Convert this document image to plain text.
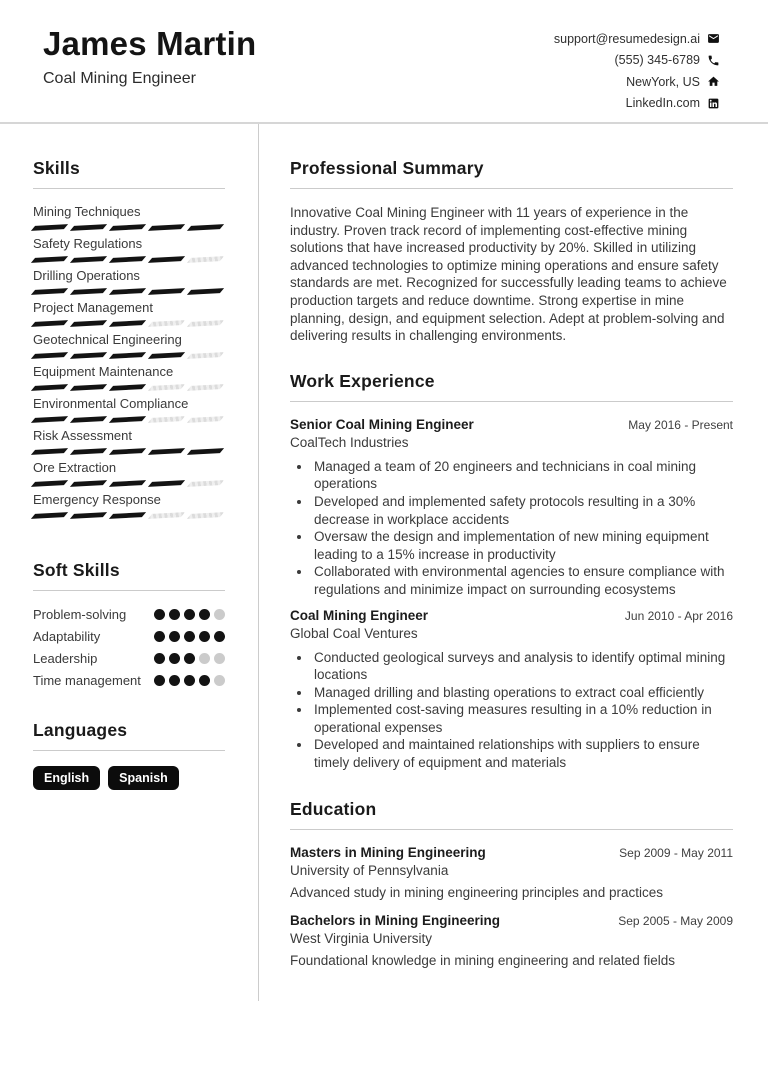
James Martin
Coal Mining Engineer
support@resumedesign.ai
(555) 345-6789
NewYork, US
LinkedIn.com
Skills
Mining Techniques
Safety Regulations
Drilling Operations
Project Management
Geotechnical Engineering
Equipment Maintenance
Environmental Compliance
Risk Assessment
Ore Extraction
Emergency Response
Soft Skills
Problem-solving
Adaptability
Leadership
Time management
Languages
English	Spanish
Professional Summary

Innovative Coal Mining Engineer with 11 years of experience in the industry. Proven track record of implementing cost-effective mining solutions that have increased productivity by 20%. Skilled in utilizing advanced technologies to optimize mining operations and ensure safety standards are met. Recognized for successfully leading teams to achieve production targets and reduce downtime. Strong expertise in mine planning, design, and equipment selection. Adept at problem-solving and delivering results in challenging environments.

Work Experience
Senior Coal Mining Engineer	May 2016 - Present
CoalTech Industries
• Managed a team of 20 engineers and technicians in coal mining operations
• Developed and implemented safety protocols resulting in a 30% decrease in workplace accidents
• Oversaw the design and implementation of new mining equipment leading to a 15% increase in productivity
• Collaborated with environmental agencies to ensure compliance with regulations and minimize impact on surrounding ecosystems
Coal Mining Engineer	Jun 2010 - Apr 2016
Global Coal Ventures
• Conducted geological surveys and analysis to identify optimal mining locations
• Managed drilling and blasting operations to extract coal efficiently
• Implemented cost-saving measures resulting in a 10% reduction in operational expenses
• Developed and maintained relationships with suppliers to ensure timely delivery of equipment and materials
Education
Masters in Mining Engineering	Sep 2009 - May 2011
University of Pennsylvania
Advanced study in mining engineering principles and practices
Bachelors in Mining Engineering	Sep 2005 - May 2009
West Virginia University
Foundational knowledge in mining engineering and related fields
